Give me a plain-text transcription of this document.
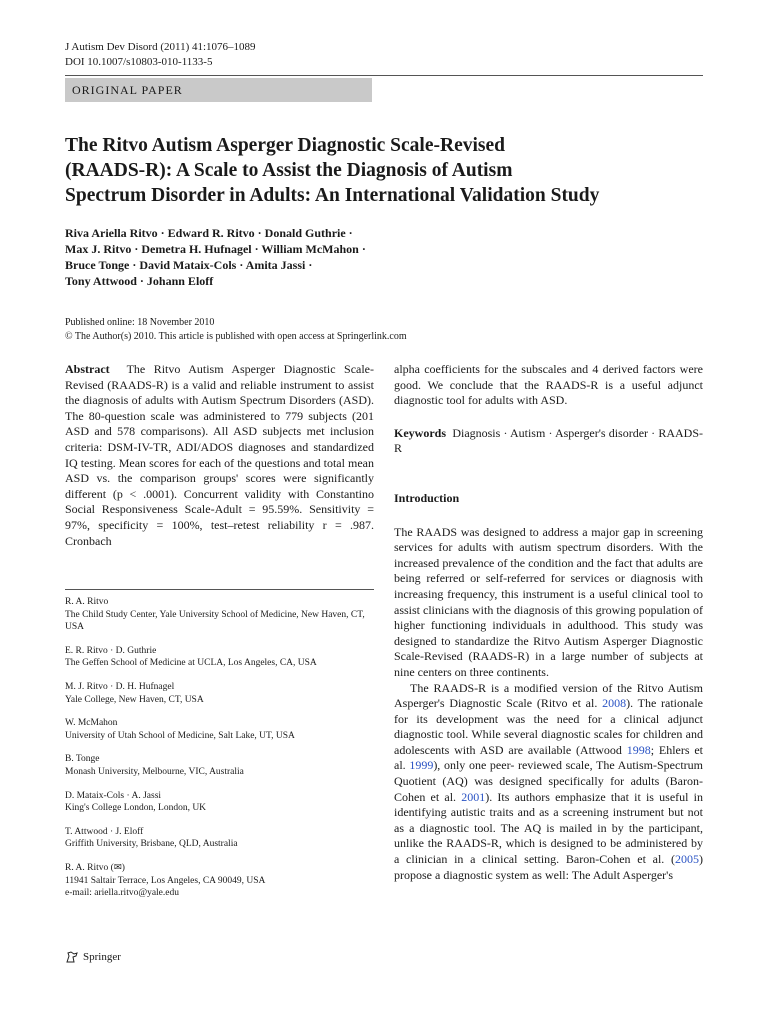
J Autism Dev Disord (2011) 41:1076–1089
DOI 10.1007/s10803-010-1133-5
ORIGINAL PAPER
The Ritvo Autism Asperger Diagnostic Scale-Revised
(RAADS-R): A Scale to Assist the Diagnosis of Autism
Spectrum Disorder in Adults: An International Validation Study
Riva Ariella Ritvo · Edward R. Ritvo · Donald Guthrie ·
Max J. Ritvo · Demetra H. Hufnagel · William McMahon ·
Bruce Tonge · David Mataix-Cols · Amita Jassi ·
Tony Attwood · Johann Eloff
Published online: 18 November 2010
© The Author(s) 2010. This article is published with open access at Springerlink.com
Abstract The Ritvo Autism Asperger Diagnostic Scale-Revised (RAADS-R) is a valid and reliable instrument to assist the diagnosis of adults with Autism Spectrum Disorders (ASD). The 80-question scale was administered to 779 subjects (201 ASD and 578 comparisons). All ASD subjects met inclusion criteria: DSM-IV-TR, ADI/ADOS diagnoses and standardized IQ testing. Mean scores for each of the questions and total mean ASD vs. the comparison groups' scores were significantly different (p < .0001). Concurrent validity with Constantino Social Responsiveness Scale-Adult = 95.59%. Sensitivity = 97%, specificity = 100%, test–retest reliability r = .987. Cronbach
R. A. Ritvo
The Child Study Center, Yale University School of Medicine, New Haven, CT, USA
E. R. Ritvo · D. Guthrie
The Geffen School of Medicine at UCLA, Los Angeles, CA, USA
M. J. Ritvo · D. H. Hufnagel
Yale College, New Haven, CT, USA
W. McMahon
University of Utah School of Medicine, Salt Lake, UT, USA
B. Tonge
Monash University, Melbourne, VIC, Australia
D. Mataix-Cols · A. Jassi
King's College London, London, UK
T. Attwood · J. Eloff
Griffith University, Brisbane, QLD, Australia
R. A. Ritvo (✉)
11941 Saltair Terrace, Los Angeles, CA 90049, USA
e-mail: ariella.ritvo@yale.edu
alpha coefficients for the subscales and 4 derived factors were good. We conclude that the RAADS-R is a useful adjunct diagnostic tool for adults with ASD.
Keywords Diagnosis · Autism · Asperger's disorder · RAADS-R
Introduction
The RAADS was designed to address a major gap in screening services for adults with autism spectrum disorders. With the increased prevalence of the condition and the fact that adults are being referred or self-referred for services or diagnosis with increasing frequency, this instrument is a useful clinical tool to assist clinicians with the diagnosis of this growing population of higher functioning individuals in adulthood. This study was designed to standardize the Ritvo Autism Asperger Diagnostic Scale-Revised (RAADS-R) in a large number of subjects at nine centers on three continents.
The RAADS-R is a modified version of the Ritvo Autism Asperger's Diagnostic Scale (Ritvo et al. 2008). The rationale for its development was the need for a clinical adjunct diagnostic tool. While several diagnostic scales for children and adolescents with ASD are available (Attwood 1998; Ehlers et al. 1999), only one peer- reviewed scale, The Autism-Spectrum Quotient (AQ) was designed specifically for adults (Baron-Cohen et al. 2001). Its authors emphasize that it is useful in identifying autistic traits and as a screening instrument but not as a diagnostic tool. The AQ is mailed in by the participant, unlike the RAADS-R, which is designed to be administered by a clinician in a clinical setting. Baron-Cohen et al. (2005) propose a diagnostic system as well: The Adult Asperger's
Springer
